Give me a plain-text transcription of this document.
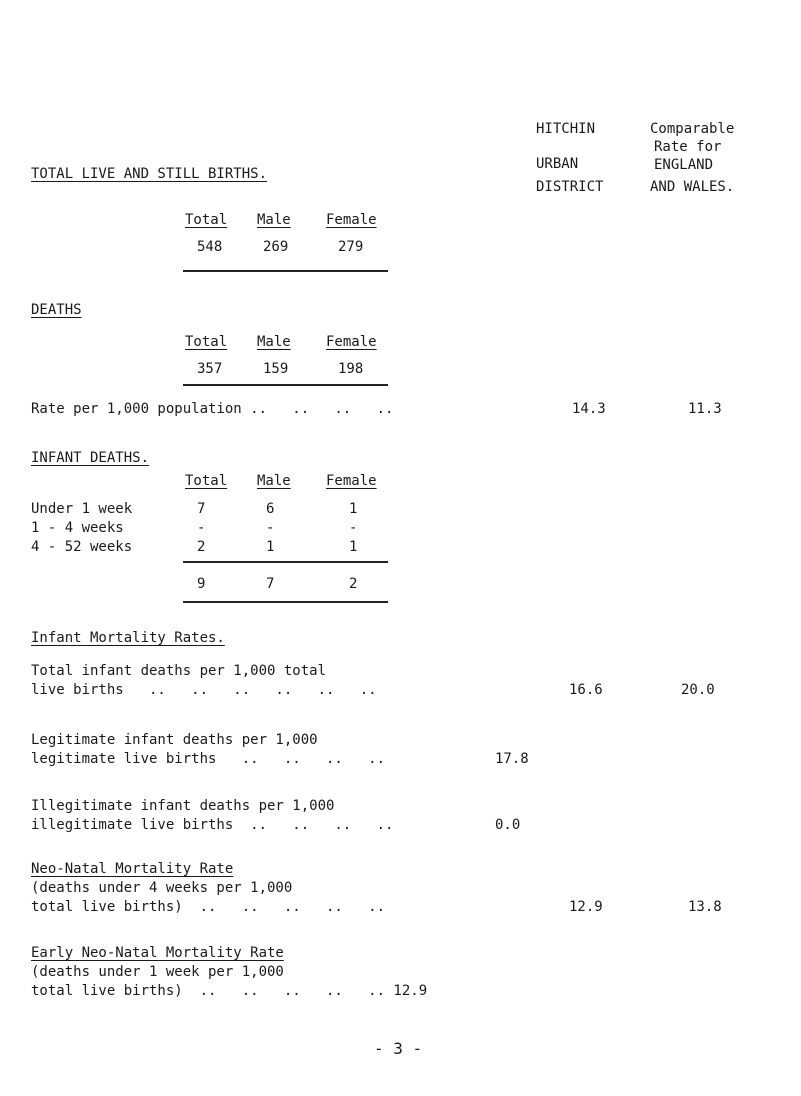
HITCHIN
URBAN
DISTRICT
Comparable
Rate for
ENGLAND
AND WALES.
TOTAL LIVE AND STILL BIRTHS.
Total Male	Female
548	269	279
DEATHS
Total Male	Female
357	159	198
Rate per 1,000 population ..   ..   ..   ..	14.3	11.3
INFANT DEATHS.
Total Male	Female
Under 1 week	7	6	1
1 - 4 weeks	-	-	-
4 - 52 weeks	2	1	1
9	7	2
Infant Mortality Rates.
Total infant deaths per 1,000 total
live births   ..   ..   ..   ..   ..   ..	16.6	20.0
Legitimate infant deaths per 1,000
legitimate live births   ..   ..   ..   ..	17.8
Illegitimate infant deaths per 1,000
illegitimate live births  ..   ..   ..   ..	0.0
Neo-Natal Mortality Rate
(deaths under 4 weeks per 1,000
total live births)  ..   ..   ..   ..   ..	12.9	13.8
Early Neo-Natal Mortality Rate
(deaths under 1 week per 1,000
total live births)  ..   ..   ..   ..   .. 12.9
- 3 -
